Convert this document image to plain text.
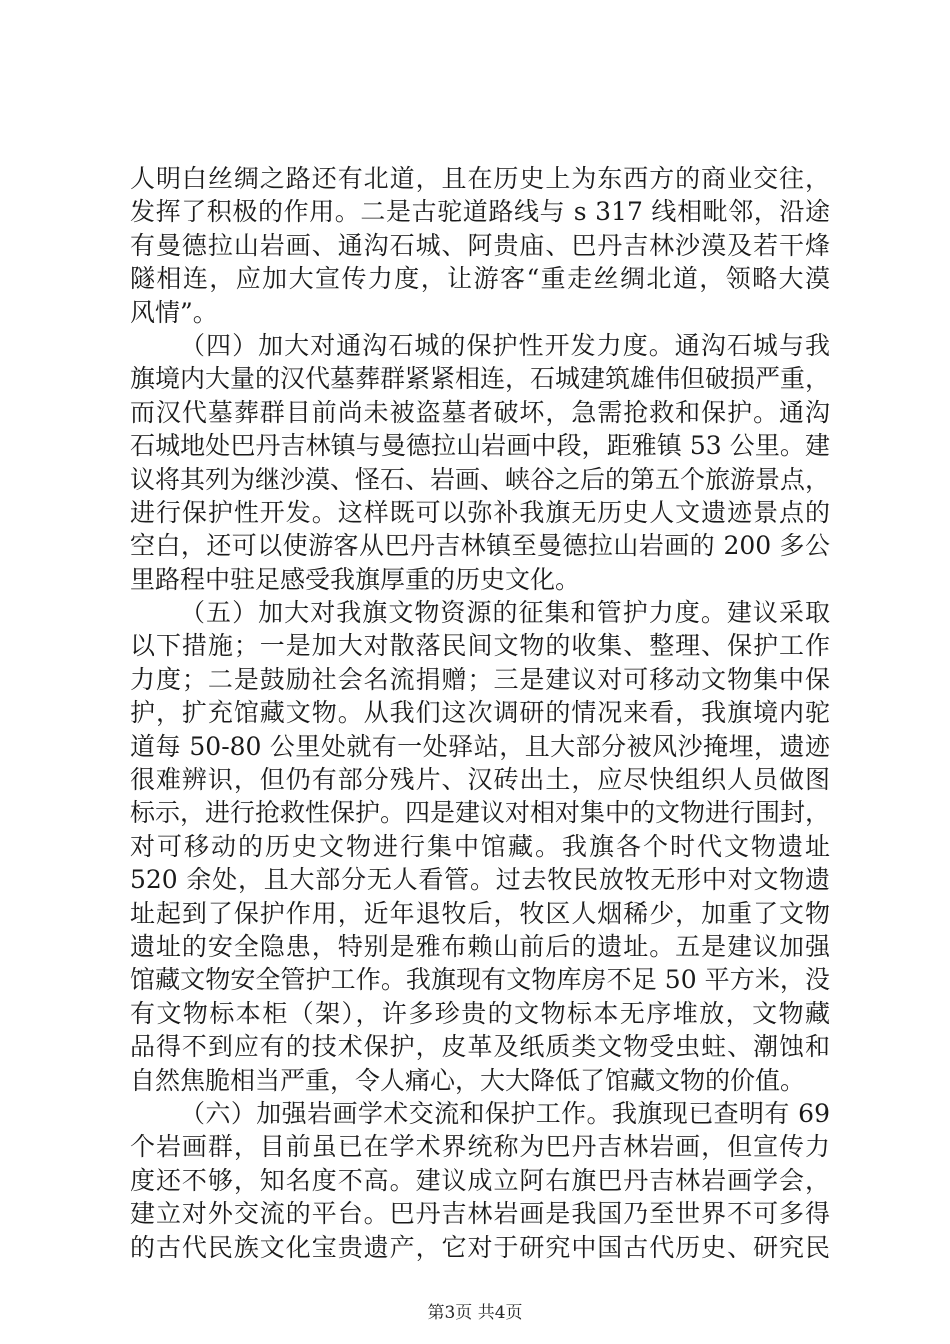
人明白丝绸之路还有北道，且在历史上为东西方的商业交往，
发挥了积极的作用。二是古驼道路线与 s 317 线相毗邻，沿途
有曼德拉山岩画、通沟石城、阿贵庙、巴丹吉林沙漠及若干烽
隧相连，应加大宣传力度，让游客“重走丝绸北道，领略大漠
风情”。
（四）加大对通沟石城的保护性开发力度。通沟石城与我
旗境内大量的汉代墓葬群紧紧相连，石城建筑雄伟但破损严重，
而汉代墓葬群目前尚未被盗墓者破坏，急需抢救和保护。通沟
石城地处巴丹吉林镇与曼德拉山岩画中段，距雅镇 53 公里。建
议将其列为继沙漠、怪石、岩画、峡谷之后的第五个旅游景点，
进行保护性开发。这样既可以弥补我旗无历史人文遗迹景点的
空白，还可以使游客从巴丹吉林镇至曼德拉山岩画的 200 多公
里路程中驻足感受我旗厚重的历史文化。
（五）加大对我旗文物资源的征集和管护力度。建议采取
以下措施；一是加大对散落民间文物的收集、整理、保护工作
力度；二是鼓励社会名流捐赠；三是建议对可移动文物集中保
护，扩充馆藏文物。从我们这次调研的情况来看，我旗境内驼
道每 50-80 公里处就有一处驿站，且大部分被风沙掩埋，遗迹
很难辨识，但仍有部分残片、汉砖出土，应尽快组织人员做图
标示，进行抢救性保护。四是建议对相对集中的文物进行围封，
对可移动的历史文物进行集中馆藏。我旗各个时代文物遗址
520 余处，且大部分无人看管。过去牧民放牧无形中对文物遗
址起到了保护作用，近年退牧后，牧区人烟稀少，加重了文物
遗址的安全隐患，特别是雅布赖山前后的遗址。五是建议加强
馆藏文物安全管护工作。我旗现有文物库房不足 50 平方米，没
有文物标本柜（架），许多珍贵的文物标本无序堆放，文物藏
品得不到应有的技术保护，皮革及纸质类文物受虫蛀、潮蚀和
自然焦脆相当严重，令人痛心，大大降低了馆藏文物的价值。
（六）加强岩画学术交流和保护工作。我旗现已查明有 69
个岩画群，目前虽已在学术界统称为巴丹吉林岩画，但宣传力
度还不够，知名度不高。建议成立阿右旗巴丹吉林岩画学会，
建立对外交流的平台。巴丹吉林岩画是我国乃至世界不可多得
的古代民族文化宝贵遗产，它对于研究中国古代历史、研究民
第3页 共4页
